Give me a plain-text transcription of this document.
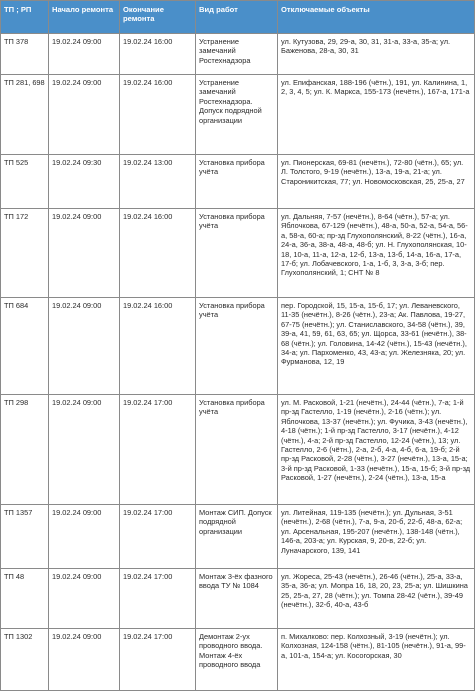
ТП ; РП	Начало ремонта	Окончание ремонта	Вид работ	Отключаемые объекты
ТП 378	19.02.24 09:00	19.02.24 16:00	Устранение замечаний Ростехнадзора	ул. Кутузова, 29, 29-а, 30, 31, 31-а, 33-а, 35-а; ул. Баженова, 28-а, 30, 31
ТП 281, 698	19.02.24 09:00	19.02.24 16:00	Устранение замечаний Ростехнадзора. Допуск подрядной организации	ул. Епифанская, 188-196 (чётн.), 191, ул. Калинина, 1, 2, 3, 4, 5; ул. К. Маркса, 155-173 (нечётн.), 167-а, 171-а
ТП 525	19.02.24 09:30	19.02.24 13:00	Установка прибора учёта	ул. Пионерская, 69-81 (нечётн.), 72-80 (чётн.), 65; ул. Л. Толстого, 9-19 (нечётн.), 13-а, 19-а, 21-а; ул. Староникитская, 77; ул. Новомосковская, 25, 25-а, 27
ТП 172	19.02.24 09:00	19.02.24 16:00	Установка прибора учёта	ул. Дальняя, 7-57 (нечётн.), 8-64 (чётн.), 57-а; ул. Яблочкова, 67-129 (нечётн.), 48-а, 50-а, 52-а, 54-а, 56-а, 58-а, 60-а; пр-зд Глухополянский, 8-22 (чётн.), 16-а, 24-а, 36-а, 38-а, 48-а, 48-б; ул. Н. Глухополянская, 10-18, 10-а, 11-а, 12-а, 12-б, 13-а, 13-б, 14-а, 16-а, 17-а, 17-б; ул. Лобачевского, 1-а, 1-б, 3, 3-а, 3-б; пер. Глухополянский, 1; СНТ № 8
ТП 684	19.02.24 09:00	19.02.24 16:00	Установка прибора учёта	пер. Городской, 15, 15-а, 15-б, 17; ул. Леваневского, 11-35 (нечётн.), 8-26 (чётн.), 23-а; Ак. Павлова, 19-27, 67-75 (нечётн.); ул. Станиславского, 34-58 (чётн.), 39, 39-а, 41, 59, 61, 63, 65; ул. Щорса, 33-61 (нечётн.), 38-68 (чётн.); ул. Головина, 14-42 (чётн.), 15-43 (нечётн.), 34-а; ул. Пархоменко, 43, 43-а; ул. Железняка, 20; ул. Фурманова, 12, 19
ТП 298	19.02.24 09:00	19.02.24 17:00	Установка прибора учёта	ул. М. Расковой, 1-21 (нечётн.), 24-44 (чётн.), 7-а; 1-й пр-зд Гастелло, 1-19 (нечётн.), 2-16 (чётн.); ул. Яблочкова, 13-37 (нечётн.); ул. Фучика, 3-43 (нечётн.), 4-18 (чётн.); 1-й пр-зд Гастелло, 3-17 (нечётн.), 4-12 (чётн.), 4-а; 2-й пр-зд Гастелло, 12-24 (чётн.), 13; ул. Гастелло, 2-6 (чётн.), 2-а, 2-б, 4-а, 4-б, 6-а, 19-б; 2-й пр-зд Расковой, 2-28 (чётн.), 3-27 (нечётн.), 13-а, 15-а; 3-й пр-зд Расковой, 1-33 (нечётн.), 15-а, 15-б; 3-й пр-зд Расковой, 1-27 (нечётн.), 2-24 (чётн.), 13-а, 15-а
ТП 1357	19.02.24 09:00	19.02.24 17:00	Монтаж СИП. Допуск подрядной организации	ул. Литейная, 119-135 (нечётн.); ул. Дульная, 3-51 (нечётн.), 2-68 (чётн.), 7-а, 9-а, 20-б, 22-б, 48-а, 62-а; ул. Арсенальная, 195-207 (нечётн.), 138-148 (чётн.), 146-а, 203-а; ул. Курская, 9, 20-в, 22-б; ул. Луначарского, 139, 141
ТП 48	19.02.24 09:00	19.02.24 17:00	Монтаж 3-ёх фазного ввода ТУ № 1084	ул. Жореса, 25-43 (нечётн.), 26-46 (чётн.), 25-а, 33-а, 35-а, 36-а; ул. Мопра 16, 18, 20, 23, 25-а; ул. Шишкина 25, 25-а, 27, 28 (чётн.); ул. Томпа 28-42 (чётн.), 39-49 (нечётн.), 32-б, 40-а, 43-б
ТП 1302	19.02.24 09:00	19.02.24 17:00	Демонтаж 2-ух проводного ввода. Монтаж 4-ёх проводного ввода	п. Михалково: пер. Колхозный, 3-19 (нечётн.); ул. Колхозная, 124-158 (чётн.), 81-105 (нечётн.), 91-а, 99-а, 101-а, 154-а; ул. Косогорская, 30
